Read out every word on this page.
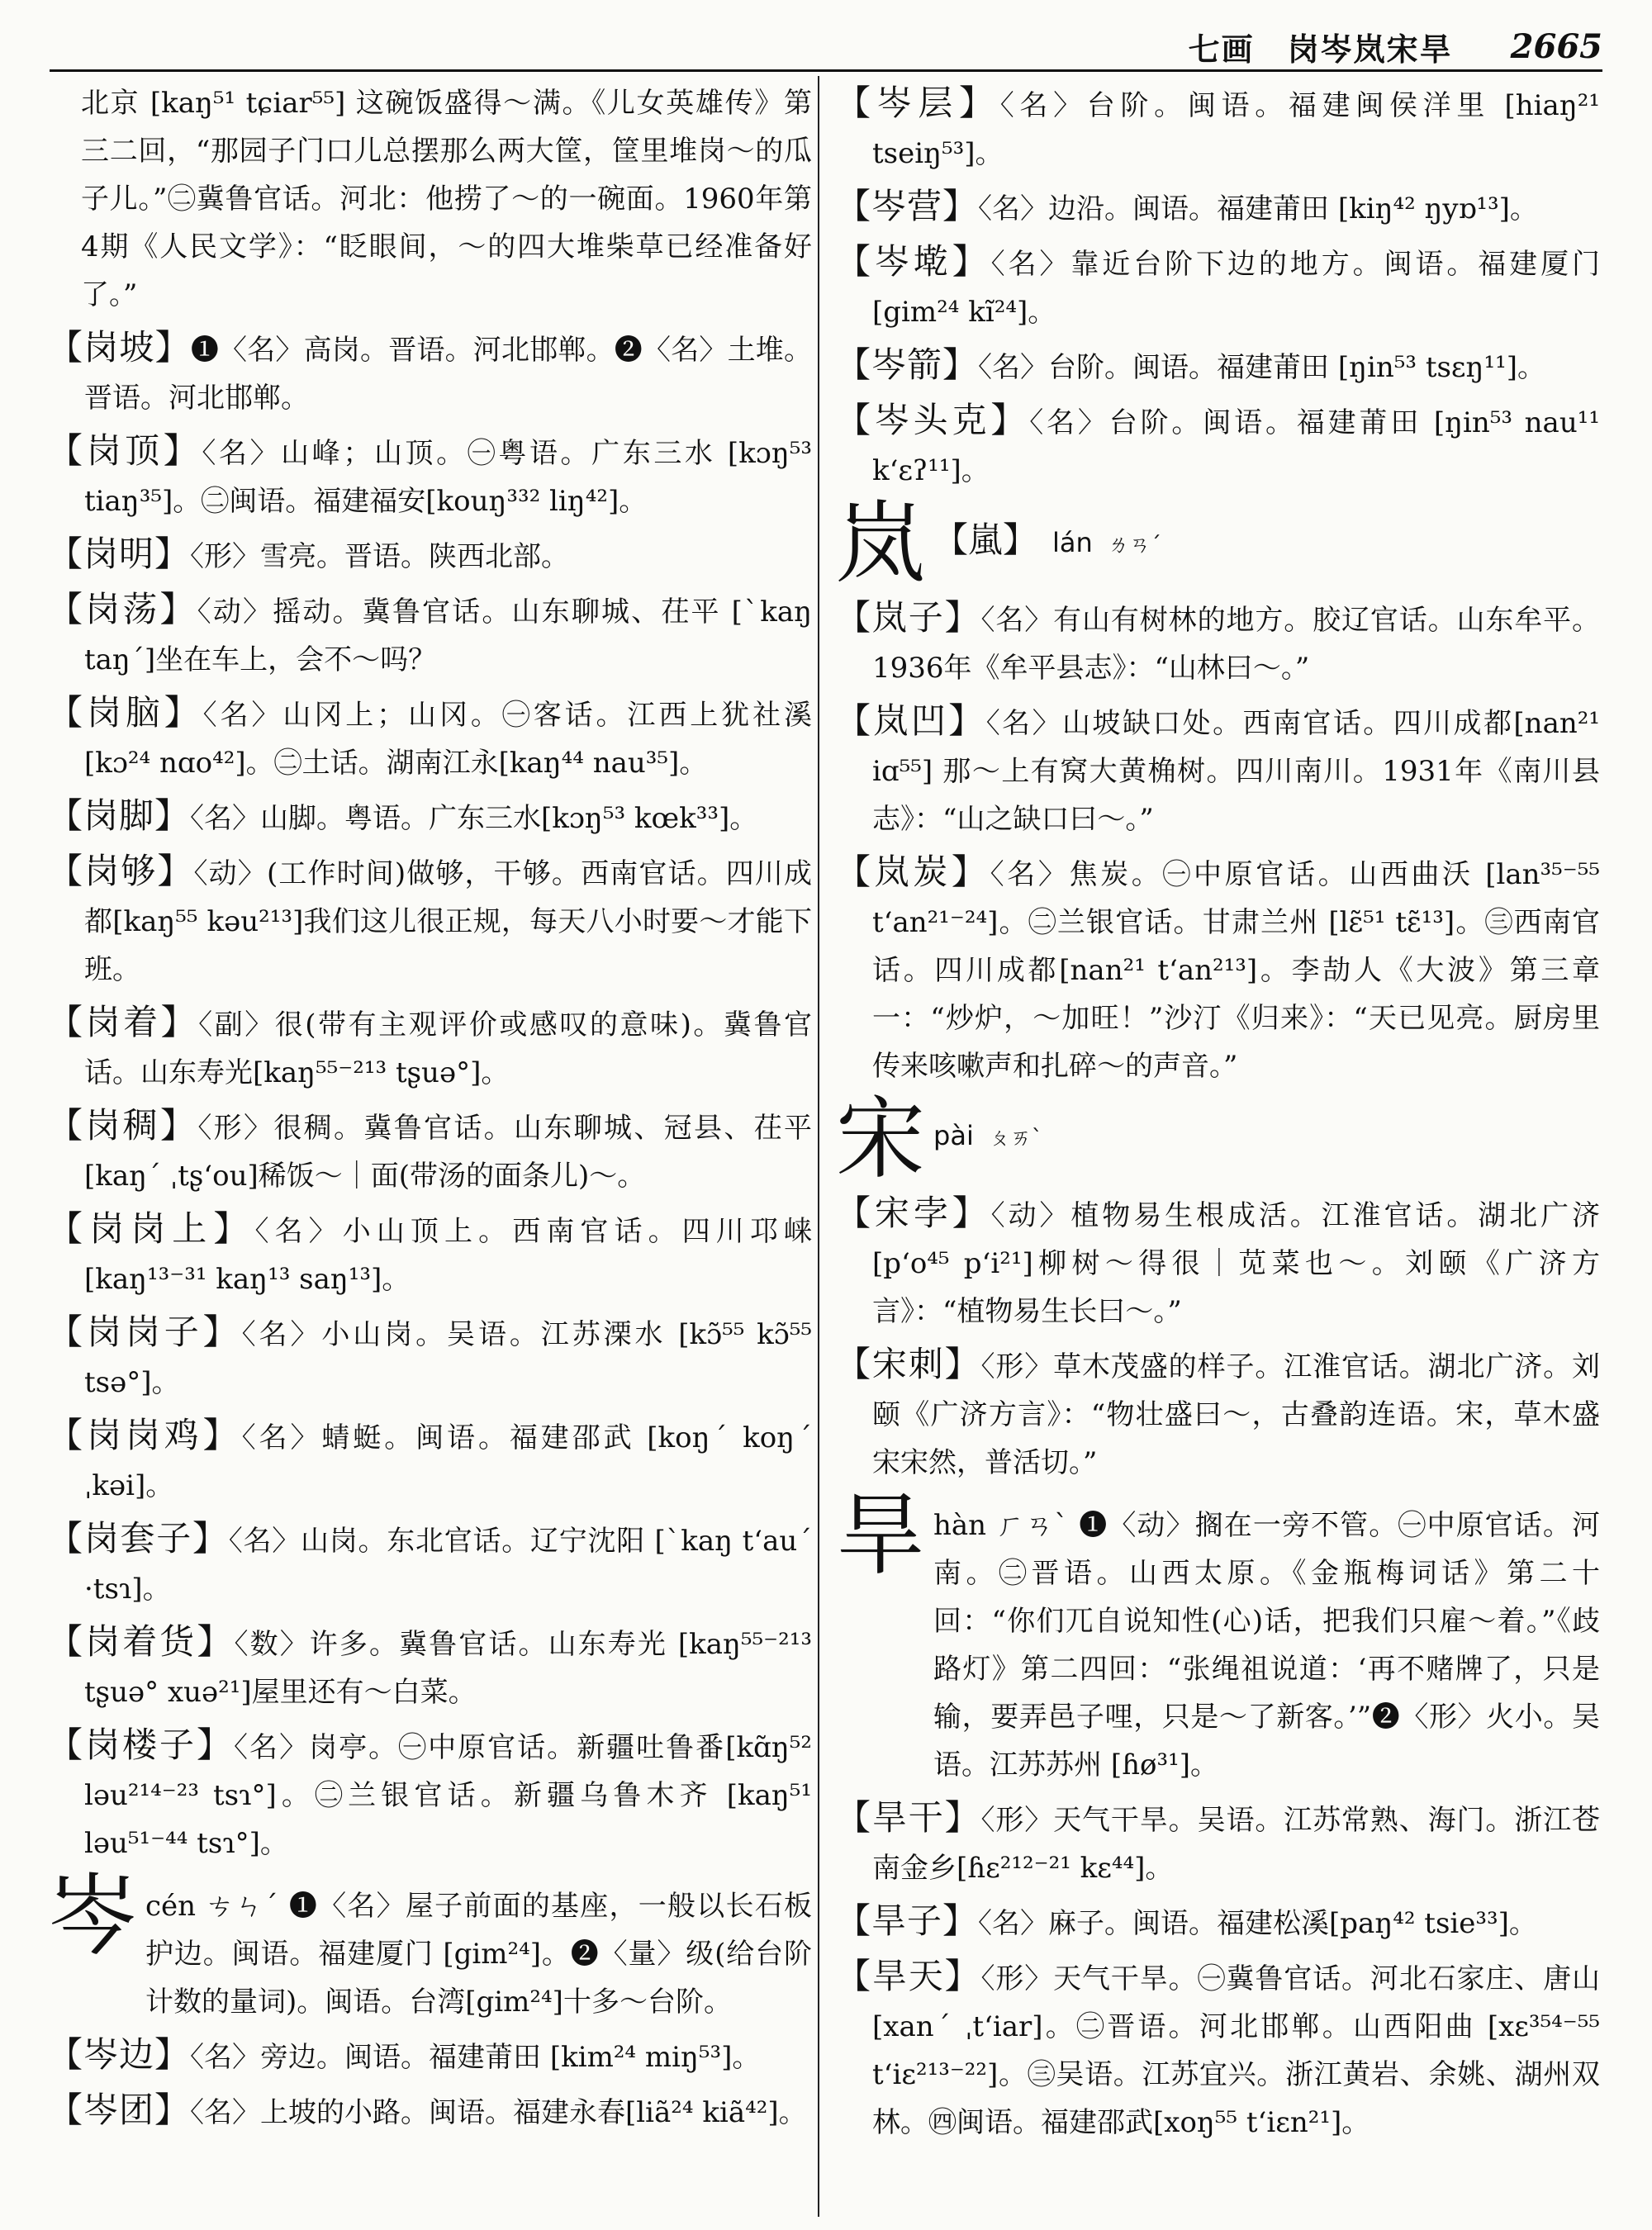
七画　岗岑岚宋旱 2665

北京 [kaŋ⁵¹ tɕiar⁵⁵] 这碗饭盛得～满。《儿女英雄传》第三二回，“那园子门口儿总摆那么两大筐，筐里堆岗～的瓜子儿。”㊁冀鲁官话。河北：他捞了～的一碗面。1960年第4期《人民文学》：“眨眼间，～的四大堆柴草已经准备好了。”

【岗坡】❶〈名〉高岗。晋语。河北邯郸。❷〈名〉土堆。晋语。河北邯郸。

【岗顶】〈名〉山峰；山顶。㊀粤语。广东三水 [kɔŋ⁵³ tiaŋ³⁵]。㊁闽语。福建福安[kouŋ³³² liŋ⁴²]。

【岗明】〈形〉雪亮。晋语。陕西北部。

【岗荡】〈动〉摇动。冀鲁官话。山东聊城、茌平 [ˋkaŋ taŋˊ]坐在车上，会不～吗？

【岗脑】〈名〉山冈上；山冈。㊀客话。江西上犹社溪 [kɔ²⁴ nɑo⁴²]。㊁土话。湖南江永[kaŋ⁴⁴ nau³⁵]。

【岗脚】〈名〉山脚。粤语。广东三水[kɔŋ⁵³ kœk³³]。

【岗够】〈动〉(工作时间)做够，干够。西南官话。四川成都[kaŋ⁵⁵ kəu²¹³]我们这儿很正规，每天八小时要～才能下班。

【岗着】〈副〉很(带有主观评价或感叹的意味)。冀鲁官话。山东寿光[kaŋ⁵⁵⁻²¹³ tʂuə°]。

【岗稠】〈形〉很稠。冀鲁官话。山东聊城、冠县、茌平 [kaŋˊ ˌtʂʻou]稀饭～｜面(带汤的面条儿)～。

【岗岗上】〈名〉小山顶上。西南官话。四川邛崃 [kaŋ¹³⁻³¹ kaŋ¹³ saŋ¹³]。

【岗岗子】〈名〉小山岗。吴语。江苏溧水 [kɔ̃⁵⁵ kɔ̃⁵⁵ tsə°]。

【岗岗鸡】〈名〉蜻蜓。闽语。福建邵武 [koŋˊ koŋˊ ˌkəi]。

【岗套子】〈名〉山岗。东北官话。辽宁沈阳 [ˋkaŋ tʻauˊ ·tsɿ]。

【岗着货】〈数〉许多。冀鲁官话。山东寿光 [kaŋ⁵⁵⁻²¹³ tʂuə° xuə²¹]屋里还有～白菜。

【岗楼子】〈名〉岗亭。㊀中原官话。新疆吐鲁番[kɑ̃ŋ⁵² ləu²¹⁴⁻²³ tsɿ°]。㊁兰银官话。新疆乌鲁木齐 [kaŋ⁵¹ ləu⁵¹⁻⁴⁴ tsɿ°]。

岑 cén ㄘㄣˊ ❶〈名〉屋子前面的基座，一般以长石板护边。闽语。福建厦门 [gim²⁴]。❷〈量〉级(给台阶计数的量词)。闽语。台湾[gim²⁴]十多～台阶。

【岑边】〈名〉旁边。闽语。福建莆田 [kim²⁴ miŋ⁵³]。

【岑团】〈名〉上坡的小路。闽语。福建永春[liã²⁴ kiã⁴²]。

【岑层】〈名〉台阶。闽语。福建闽侯洋里 [hiaŋ²¹ tseiŋ⁵³]。

【岑营】〈名〉边沿。闽语。福建莆田 [kiŋ⁴² ŋyɒ¹³]。

【岑墘】〈名〉靠近台阶下边的地方。闽语。福建厦门 [gim²⁴ kĩ²⁴]。

【岑箭】〈名〉台阶。闽语。福建莆田 [ŋin⁵³ tsɛŋ¹¹]。

【岑头克】〈名〉台阶。闽语。福建莆田 [ŋin⁵³ nau¹¹ kʻɛʔ¹¹]。

岚 【嵐】 lán ㄌㄢˊ

【岚子】〈名〉有山有树林的地方。胶辽官话。山东牟平。1936年《牟平县志》：“山林曰～。”

【岚凹】〈名〉山坡缺口处。西南官话。四川成都[nan²¹ iɑ⁵⁵] 那～上有窝大黄桷树。四川南川。1931年《南川县志》：“山之缺口曰～。”

【岚炭】〈名〉焦炭。㊀中原官话。山西曲沃 [lan³⁵⁻⁵⁵ tʻan²¹⁻²⁴]。㊁兰银官话。甘肃兰州 [lɛ̃⁵¹ tɛ̃¹³]。㊂西南官话。四川成都[nan²¹ tʻan²¹³]。李劼人《大波》第三章一：“炒炉，～加旺！”沙汀《归来》：“天已见亮。厨房里传来咳嗽声和扎碎～的声音。”

宋 pài ㄆㄞˋ

【宋孛】〈动〉植物易生根成活。江淮官话。湖北广济 [pʻo⁴⁵ pʻi²¹]柳树～得很｜苋菜也～。刘颐《广济方言》：“植物易生长曰～。”

【宋刺】〈形〉草木茂盛的样子。江淮官话。湖北广济。刘颐《广济方言》：“物壮盛曰～，古叠韵连语。宋，草木盛宋宋然，普活切。”

旱 hàn ㄏㄢˋ ❶〈动〉搁在一旁不管。㊀中原官话。河南。㊁晋语。山西太原。《金瓶梅词话》第二十回：“你们兀自说知性(心)话，把我们只雇～着。”《歧路灯》第二四回：“张绳祖说道：‘再不赌牌了，只是输，要弄邑子哩，只是～了新客。’”❷〈形〉火小。吴语。江苏苏州 [ɦø³¹]。

【旱干】〈形〉天气干旱。吴语。江苏常熟、海门。浙江苍南金乡[ɦɛ²¹²⁻²¹ kɛ⁴⁴]。

【旱子】〈名〉麻子。闽语。福建松溪[paŋ⁴² tsie³³]。

【旱天】〈形〉天气干旱。㊀冀鲁官话。河北石家庄、唐山 [xanˊ ˌtʻiar]。㊁晋语。河北邯郸。山西阳曲 [xɛ³⁵⁴⁻⁵⁵ tʻiɛ²¹³⁻²²]。㊂吴语。江苏宜兴。浙江黄岩、余姚、湖州双林。㊃闽语。福建邵武[xoŋ⁵⁵ tʻiɛn²¹]。
